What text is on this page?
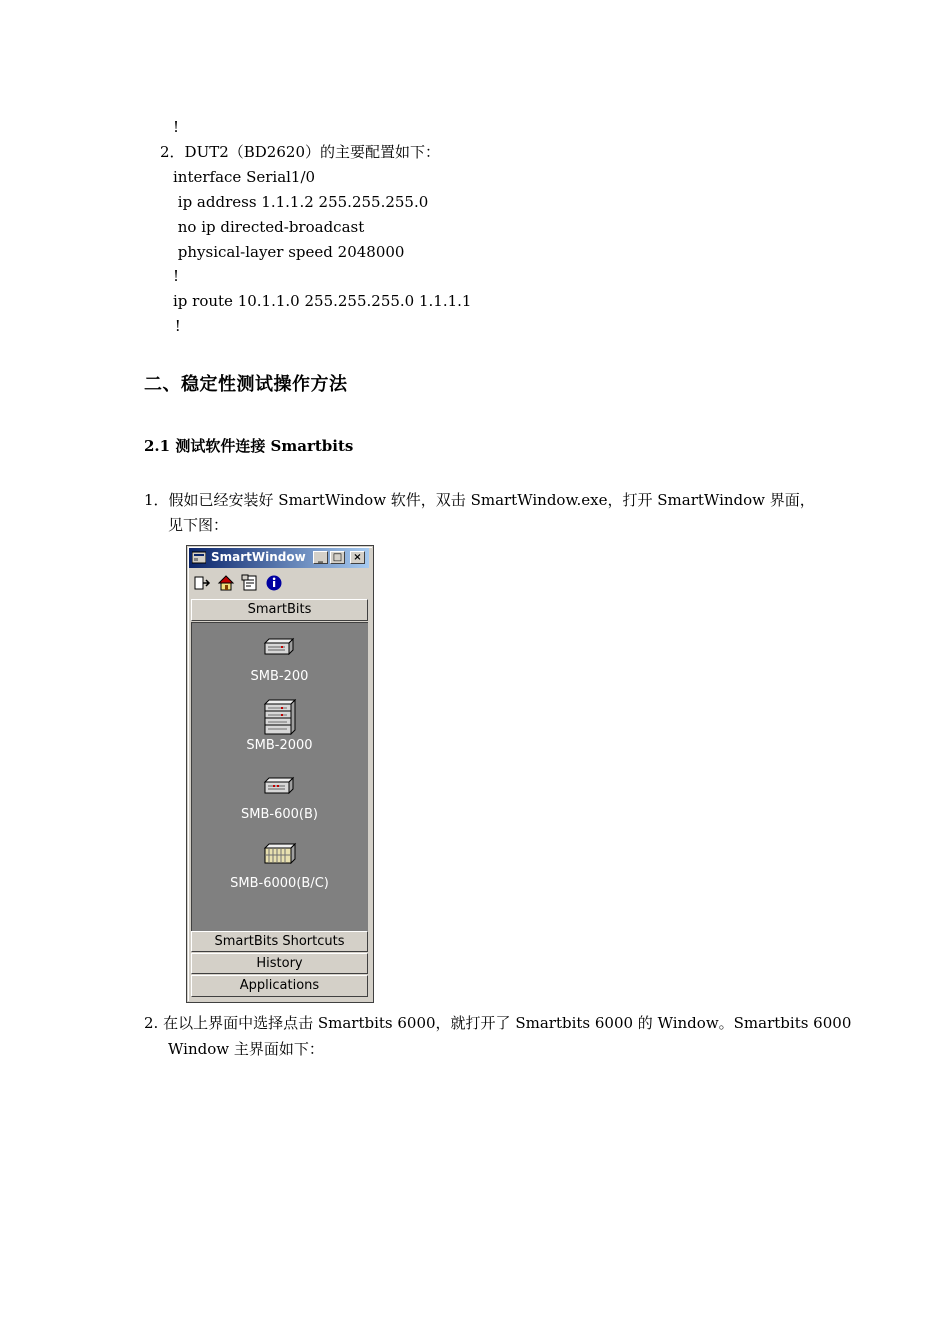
!
2．DUT2（BD2620）的主要配置如下：
interface Serial1/0
ip address 1.1.1.2 255.255.255.0
no ip directed-broadcast
physical-layer speed 2048000
!
ip route 10.1.1.0 255.255.255.0 1.1.1.1
!
二、稳定性测试操作方法
2.1 测试软件连接 Smartbits
1．假如已经安装好 SmartWindow 软件，双击 SmartWindow.exe，打开 SmartWindow 界面，
见下图：
SmartWindow	_ □	×
SmartBits
SMB-200
SMB-2000
SMB-600(B)
SMB-6000(B/C)
SmartBits Shortcuts
History
Applications
2. 在以上界面中选择点击 Smartbits 6000，就打开了 Smartbits 6000 的 Window。Smartbits 6000
Window 主界面如下：
